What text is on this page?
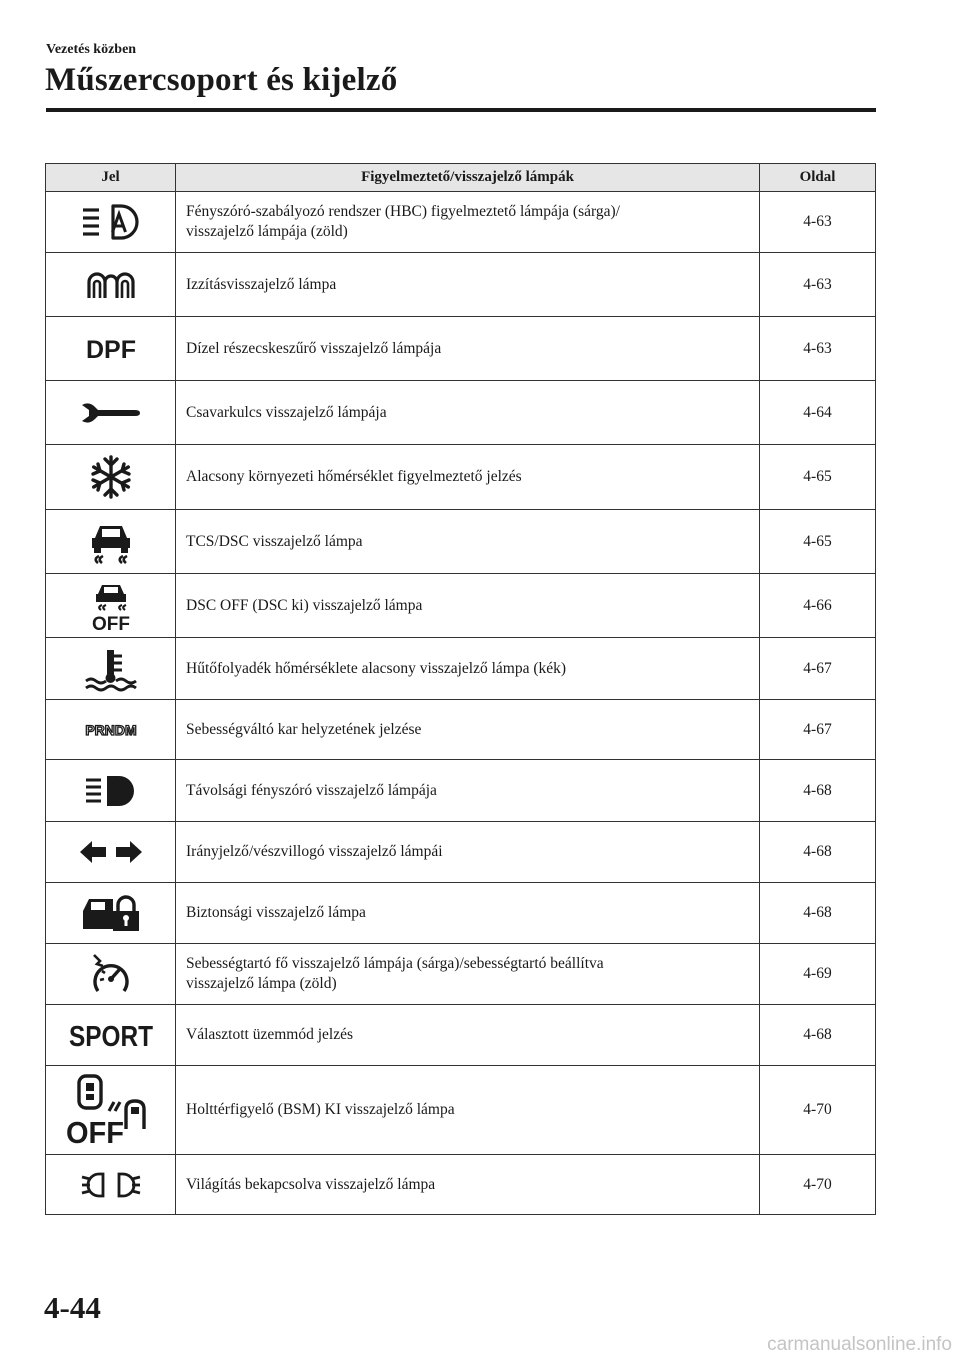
Vezetés közben
Műszercsoport és kijelző
Jel	Figyelmeztető/visszajelző lámpák	Oldal

Fényszóró-szabályozó rendszer (HBC) figyelmeztető lámpája (sárga)/
visszajelző lámpája (zöld)	4-63

Izzításvisszajelző lámpa	4-63

DPF	Dízel részecskeszűrő visszajelző lámpája	4-63

Csavarkulcs visszajelző lámpája	4-64

Alacsony környezeti hőmérséklet figyelmeztető jelzés	4-65

TCS/DSC visszajelző lámpa	4-65

OFF	DSC OFF (DSC ki) visszajelző lámpa	4-66

Hűtőfolyadék hőmérséklete alacsony visszajelző lámpa (kék)	4-67

PRNDM	Sebességváltó kar helyzetének jelzése	4-67

Távolsági fényszóró visszajelző lámpája	4-68

Irányjelző/vészvillogó visszajelző lámpái	4-68

Biztonsági visszajelző lámpa	4-68

Sebességtartó fő visszajelző lámpája (sárga)/sebességtartó beállítva
visszajelző lámpa (zöld)	4-69

SPORT	Választott üzemmód jelzés	4-68

OFF	Holttérfigyelő (BSM) KI visszajelző lámpa	4-70

Világítás bekapcsolva visszajelző lámpa	4-70
4-44
carmanualsonline.info
